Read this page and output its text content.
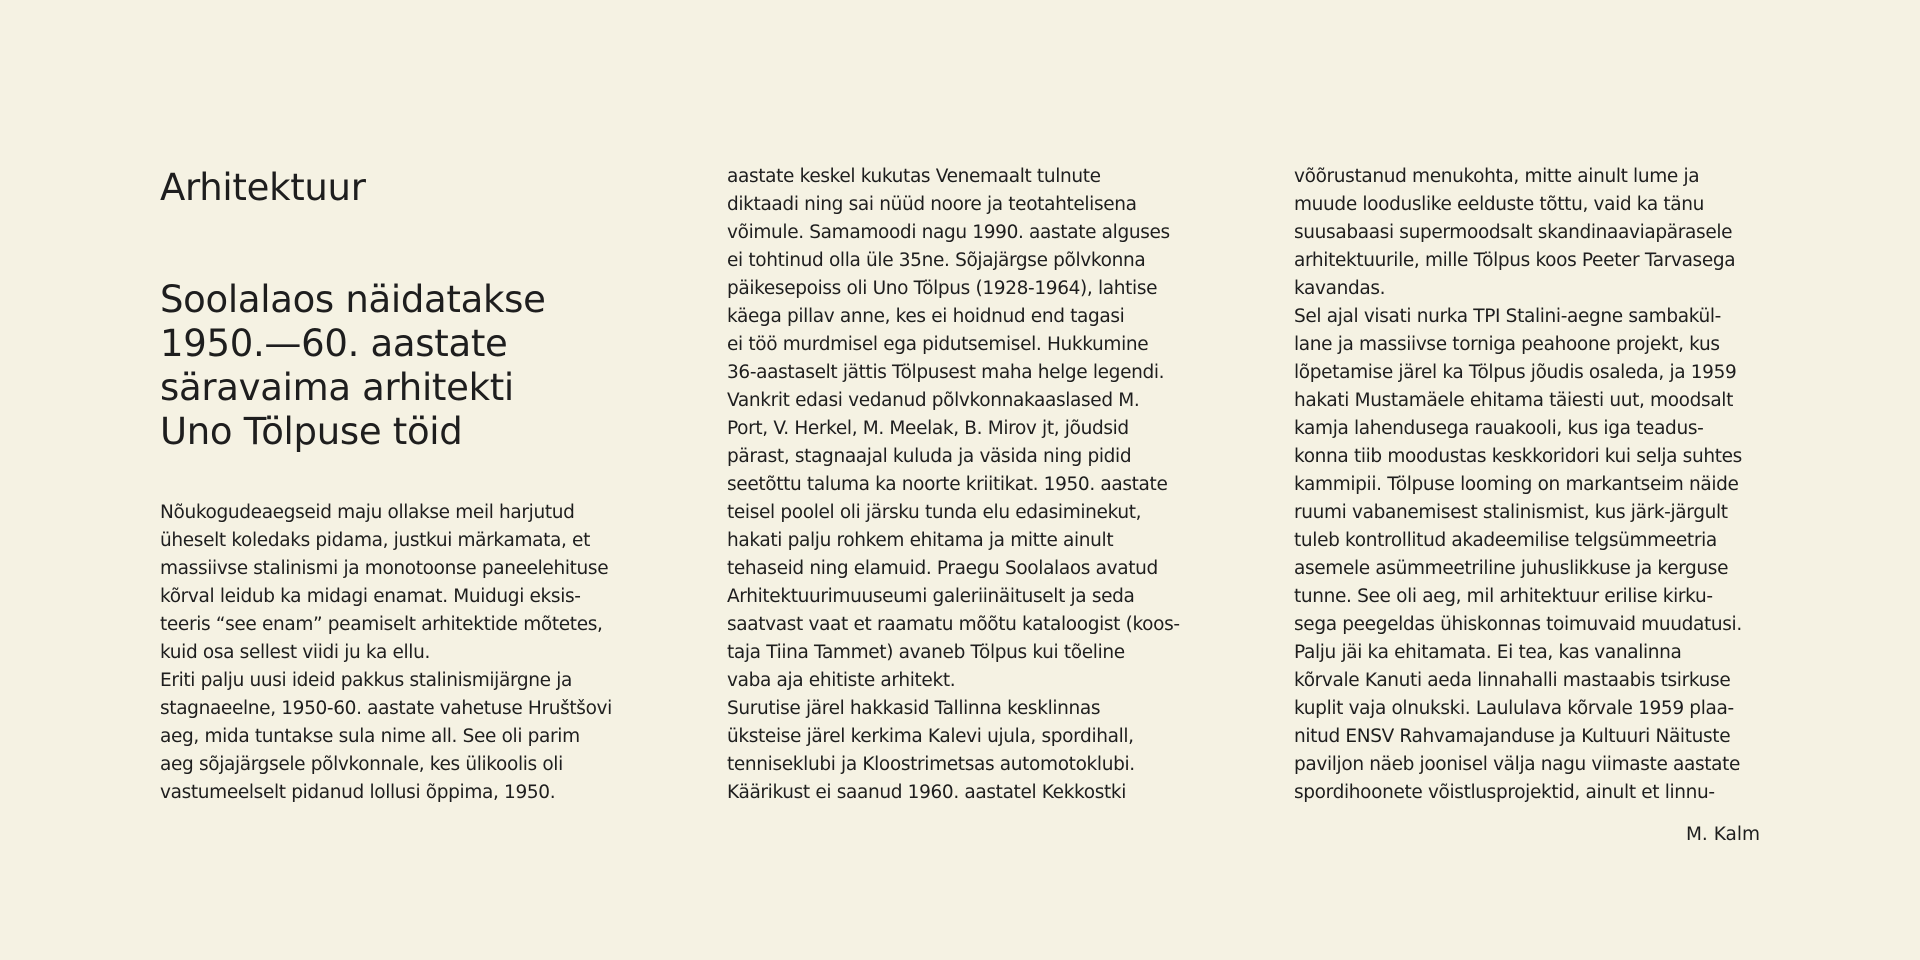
Arhitektuur
Soolalaos näidatakse
1950.—60. aastate
säravaima arhitekti
Uno Tölpuse töid
Nõukogudeaegseid maju ollakse meil harjutud
üheselt koledaks pidama, justkui märkamata, et
massiivse stalinismi ja monotoonse paneelehituse
kõrval leidub ka midagi enamat. Muidugi eksis-
teeris “see enam” peamiselt arhitektide mõtetes,
kuid osa sellest viidi ju ka ellu.
Eriti palju uusi ideid pakkus stalinismijärgne ja
stagnaeelne, 1950-60. aastate vahetuse Hruštšovi
aeg, mida tuntakse sula nime all. See oli parim
aeg sõjajärgsele põlvkonnale, kes ülikoolis oli
vastumeelselt pidanud lollusi õppima, 1950.
aastate keskel kukutas Venemaalt tulnute
diktaadi ning sai nüüd noore ja teotahtelisena
võimule. Samamoodi nagu 1990. aastate alguses
ei tohtinud olla üle 35ne. Sõjajärgse põlvkonna
päikesepoiss oli Uno Tölpus (1928-1964), lahtise
käega pillav anne, kes ei hoidnud end tagasi
ei töö murdmisel ega pidutsemisel. Hukkumine
36-aastaselt jättis Tölpusest maha helge legendi.
Vankrit edasi vedanud põlvkonnakaaslased M.
Port, V. Herkel, M. Meelak, B. Mirov jt, jõudsid
pärast, stagnaajal kuluda ja väsida ning pidid
seetõttu taluma ka noorte kriitikat. 1950. aastate
teisel poolel oli järsku tunda elu edasiminekut,
hakati palju rohkem ehitama ja mitte ainult
tehaseid ning elamuid. Praegu Soolalaos avatud
Arhitektuurimuuseumi galeriinäituselt ja seda
saatvast vaat et raamatu mõõtu kataloogist (koos-
taja Tiina Tammet) avaneb Tölpus kui tõeline
vaba aja ehitiste arhitekt.
Surutise järel hakkasid Tallinna kesklinnas
üksteise järel kerkima Kalevi ujula, spordihall,
tenniseklubi ja Kloostrimetsas automotoklubi.
Käärikust ei saanud 1960. aastatel Kekkostki
võõrustanud menukohta, mitte ainult lume ja
muude looduslike eelduste tõttu, vaid ka tänu
suusabaasi supermoodsalt skandinaaviapärasele
arhitektuurile, mille Tölpus koos Peeter Tarvasega
kavandas.
Sel ajal visati nurka TPI Stalini-aegne sambakül-
lane ja massiivse torniga peahoone projekt, kus
lõpetamise järel ka Tölpus jõudis osaleda, ja 1959
hakati Mustamäele ehitama täiesti uut, moodsalt
kamja lahendusega rauakooli, kus iga teadus-
konna tiib moodustas keskkoridori kui selja suhtes
kammipii. Tölpuse looming on markantseim näide
ruumi vabanemisest stalinismist, kus järk-järgult
tuleb kontrollitud akadeemilise telgsümmeetria
asemele asümmeetriline juhuslikkuse ja kerguse
tunne. See oli aeg, mil arhitektuur erilise kirku-
sega peegeldas ühiskonnas toimuvaid muudatusi.
Palju jäi ka ehitamata. Ei tea, kas vanalinna
kõrvale Kanuti aeda linnahalli mastaabis tsirkuse
kuplit vaja olnukski. Laululava kõrvale 1959 plaa-
nitud ENSV Rahvamajanduse ja Kultuuri Näituste
paviljon näeb joonisel välja nagu viimaste aastate
spordihoonete võistlusprojektid, ainult et linnu-
M. Kalm
